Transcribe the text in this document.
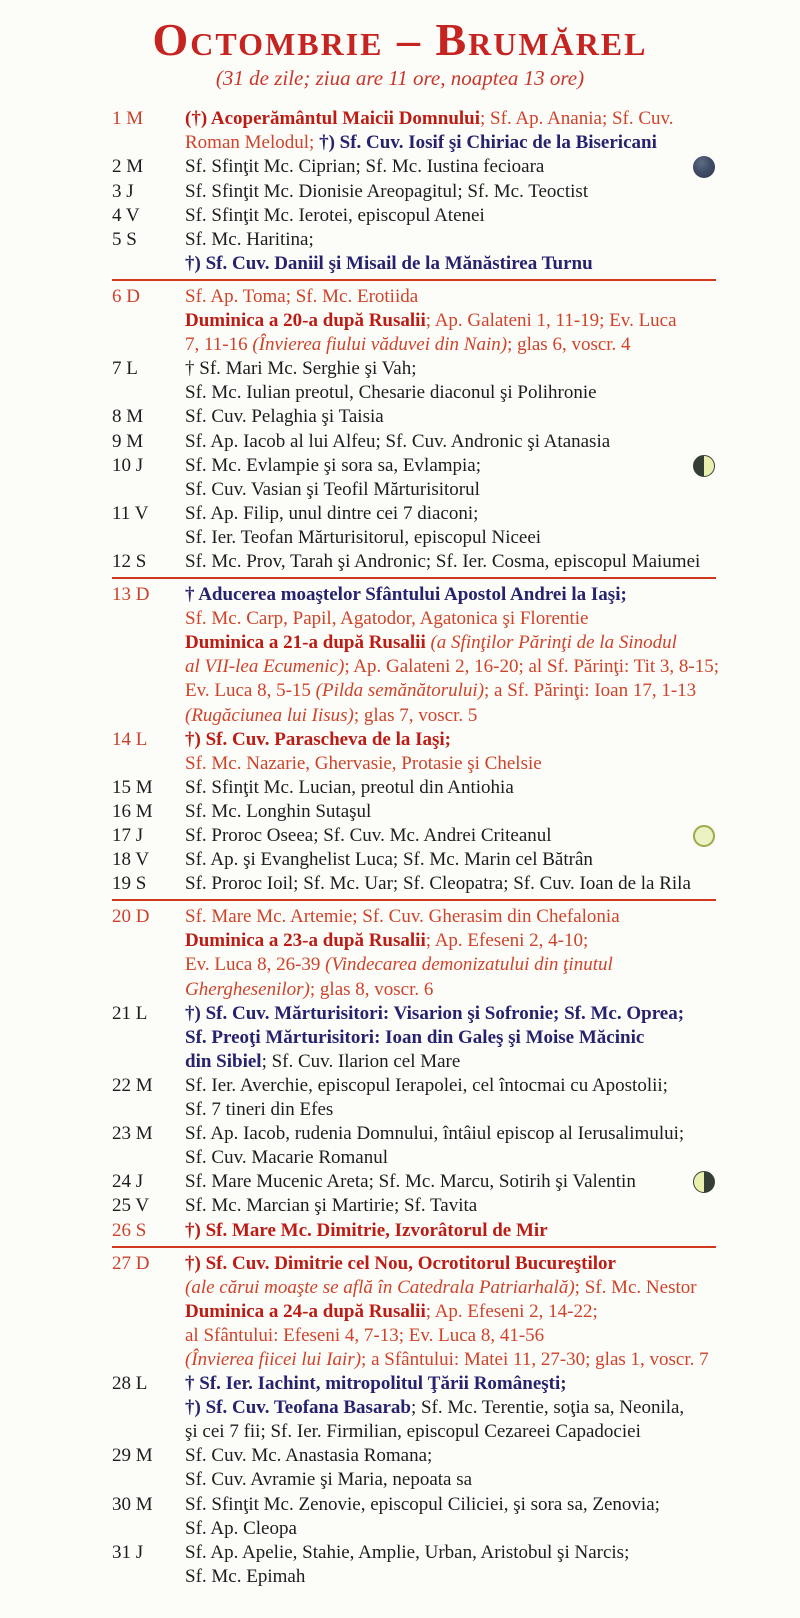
Octombrie – Brumărel
(31 de zile; ziua are 11 ore, noaptea 13 ore)
1 M	(†) Acoperământul Maicii Domnului; Sf. Ap. Anania; Sf. Cuv.
Roman Melodul; †) Sf. Cuv. Iosif şi Chiriac de la Bisericani
2 M	Sf. Sfinţit Mc. Ciprian; Sf. Mc. Iustina fecioara
3 J	Sf. Sfinţit Mc. Dionisie Areopagitul; Sf. Mc. Teoctist
4 V	Sf. Sfinţit Mc. Ierotei, episcopul Atenei
5 S	Sf. Mc. Haritina;
†) Sf. Cuv. Daniil şi Misail de la Mănăstirea Turnu
6 D	Sf. Ap. Toma; Sf. Mc. Erotiida
Duminica a 20-a după Rusalii; Ap. Galateni 1, 11-19; Ev. Luca
7, 11-16 (Învierea fiului văduvei din Nain); glas 6, voscr. 4
7 L	† Sf. Mari Mc. Serghie şi Vah;
Sf. Mc. Iulian preotul, Chesarie diaconul şi Polihronie
8 M	Sf. Cuv. Pelaghia şi Taisia
9 M	Sf. Ap. Iacob al lui Alfeu; Sf. Cuv. Andronic şi Atanasia
10 J	Sf. Mc. Evlampie şi sora sa, Evlampia;
Sf. Cuv. Vasian şi Teofil Mărturisitorul
11 V	Sf. Ap. Filip, unul dintre cei 7 diaconi;
Sf. Ier. Teofan Mărturisitorul, episcopul Niceei
12 S	Sf. Mc. Prov, Tarah şi Andronic; Sf. Ier. Cosma, episcopul Maiumei
13 D	† Aducerea moaştelor Sfântului Apostol Andrei la Iaşi;
Sf. Mc. Carp, Papil, Agatodor, Agatonica şi Florentie
Duminica a 21-a după Rusalii (a Sfinţilor Părinţi de la Sinodul
al VII-lea Ecumenic); Ap. Galateni 2, 16-20; al Sf. Părinţi: Tit 3, 8-15;
Ev. Luca 8, 5-15 (Pilda semănătorului); a Sf. Părinţi: Ioan 17, 1-13
(Rugăciunea lui Iisus); glas 7, voscr. 5
14 L	†) Sf. Cuv. Parascheva de la Iaşi;
Sf. Mc. Nazarie, Ghervasie, Protasie şi Chelsie
15 M	Sf. Sfinţit Mc. Lucian, preotul din Antiohia
16 M	Sf. Mc. Longhin Sutaşul
17 J	Sf. Proroc Oseea; Sf. Cuv. Mc. Andrei Criteanul
18 V	Sf. Ap. şi Evanghelist Luca; Sf. Mc. Marin cel Bătrân
19 S	Sf. Proroc Ioil; Sf. Mc. Uar; Sf. Cleopatra; Sf. Cuv. Ioan de la Rila
20 D	Sf. Mare Mc. Artemie; Sf. Cuv. Gherasim din Chefalonia
Duminica a 23-a după Rusalii; Ap. Efeseni 2, 4-10;
Ev. Luca 8, 26-39 (Vindecarea demonizatului din ţinutul
Gherghesenilor); glas 8, voscr. 6
21 L	†) Sf. Cuv. Mărturisitori: Visarion şi Sofronie; Sf. Mc. Oprea;
Sf. Preoţi Mărturisitori: Ioan din Galeş şi Moise Măcinic
din Sibiel; Sf. Cuv. Ilarion cel Mare
22 M	Sf. Ier. Averchie, episcopul Ierapolei, cel întocmai cu Apostolii;
Sf. 7 tineri din Efes
23 M	Sf. Ap. Iacob, rudenia Domnului, întâiul episcop al Ierusalimului;
Sf. Cuv. Macarie Romanul
24 J	Sf. Mare Mucenic Areta; Sf. Mc. Marcu, Sotirih şi Valentin
25 V	Sf. Mc. Marcian şi Martirie; Sf. Tavita
26 S	†) Sf. Mare Mc. Dimitrie, Izvorâtorul de Mir
27 D	†) Sf. Cuv. Dimitrie cel Nou, Ocrotitorul Bucureştilor
(ale cărui moaşte se află în Catedrala Patriarhală); Sf. Mc. Nestor
Duminica a 24-a după Rusalii; Ap. Efeseni 2, 14-22;
al Sfântului: Efeseni 4, 7-13; Ev. Luca 8, 41-56
(Învierea fiicei lui Iair); a Sfântului: Matei 11, 27-30; glas 1, voscr. 7
28 L	† Sf. Ier. Iachint, mitropolitul Ţării Româneşti;
†) Sf. Cuv. Teofana Basarab; Sf. Mc. Terentie, soţia sa, Neonila,
şi cei 7 fii; Sf. Ier. Firmilian, episcopul Cezareei Capadociei
29 M	Sf. Cuv. Mc. Anastasia Romana;
Sf. Cuv. Avramie şi Maria, nepoata sa
30 M	Sf. Sfinţit Mc. Zenovie, episcopul Ciliciei, şi sora sa, Zenovia;
Sf. Ap. Cleopa
31 J	Sf. Ap. Apelie, Stahie, Amplie, Urban, Aristobul şi Narcis;
Sf. Mc. Epimah
